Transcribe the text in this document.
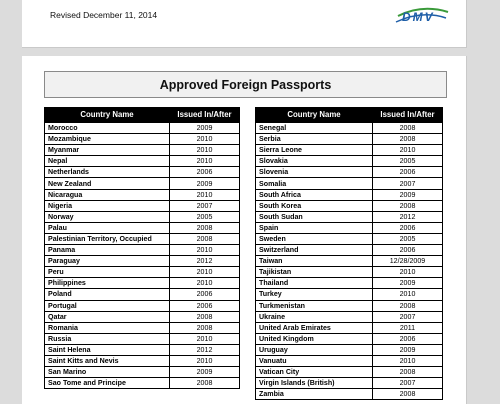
Revised December 11, 2014	DMV
Approved Foreign Passports
Country Name	Issued In/After
Morocco	2009
Mozambique	2010
Myanmar	2010
Nepal	2010
Netherlands	2006
New Zealand	2009
Nicaragua	2010
Nigeria	2007
Norway	2005
Palau	2008
Palestinian Territory, Occupied	2008
Panama	2010
Paraguay	2012
Peru	2010
Philippines	2010
Poland	2006
Portugal	2006
Qatar	2008
Romania	2008
Russia	2010
Saint Helena	2012
Saint Kitts and Nevis	2010
San Marino	2009
Sao Tome and Principe	2008
Country Name	Issued In/After
Senegal	2008
Serbia	2008
Sierra Leone	2010
Slovakia	2005
Slovenia	2006
Somalia	2007
South Africa	2009
South Korea	2008
South Sudan	2012
Spain	2006
Sweden	2005
Switzerland	2006
Taiwan	12/28/2009
Tajikistan	2010
Thailand	2009
Turkey	2010
Turkmenistan	2008
Ukraine	2007
United Arab Emirates	2011
United Kingdom	2006
Uruguay	2009
Vanuatu	2010
Vatican City	2008
Virgin Islands (British)	2007
Zambia	2008
